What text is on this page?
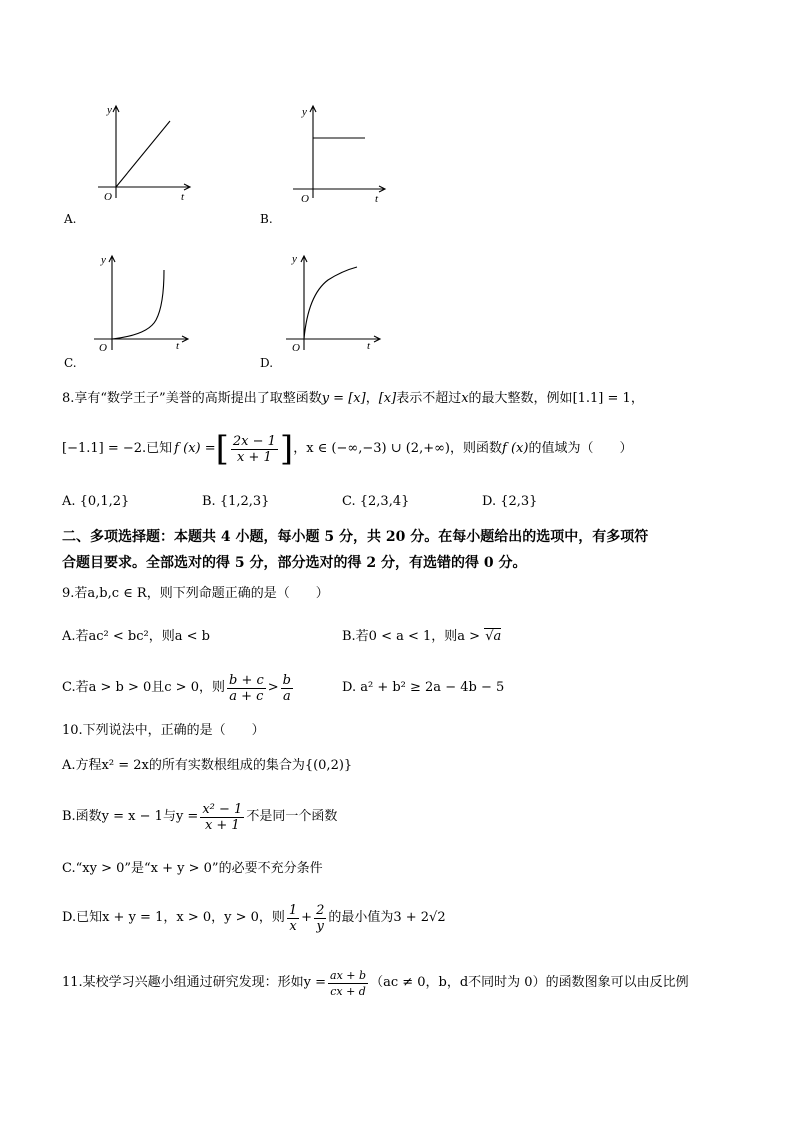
y
O	t
A.
y
O	t
B.
y
O	t
C.
y
O	t
D.
8.享有“数学王子”美誉的高斯提出了取整函数y = [x]，[x]表示不超过x的最大整数，例如[1.1] = 1，
[−1.1] = −2 .已知 f (x) = [ $\frac{2x - 1}{x + 1}$ ] ，x ∈ (−∞,−3) ∪ (2,+∞) ，则函数 f (x) 的值域为（　　）
A. {0,1,2}	B. {1,2,3}	C. {2,3,4}	D. {2,3}
二、多项选择题：本题共 4 小题，每小题 5 分，共 20 分。在每小题给出的选项中，有多项符
合题目要求。全部选对的得 5 分，部分选对的得 2 分，有选错的得 0 分。
9.若a,b,c ∈ R，则下列命题正确的是（　　）
A.若ac² < bc²，则a < b	B.若0 < a < 1，则a > √a
C.若a > b > 0且c > 0，则 $\frac{b + c}{a + c} > \frac{b}{a}$	D. a² + b² ≥ 2a − 4b − 5
10.下列说法中，正确的是（　　）
A.方程x² = 2x的所有实数根组成的集合为{(0,2)}
B.函数y = x − 1与$y = \frac{\text{x² − 1}}{x + 1}$ 不是同一个函数
C.“xy > 0”是“x + y > 0”的必要不充分条件
D.已知x + y = 1，x > 0，y > 0，则 $\frac{1}{x} + \frac{2}{y}$ 的最小值为3 + 2√2
11.某校学习兴趣小组通过研究发现：形如$y = \frac{ax + b}{cx + d} (ac \ne 0$，b，d不同时为 0）的函数图象可以由反比例
